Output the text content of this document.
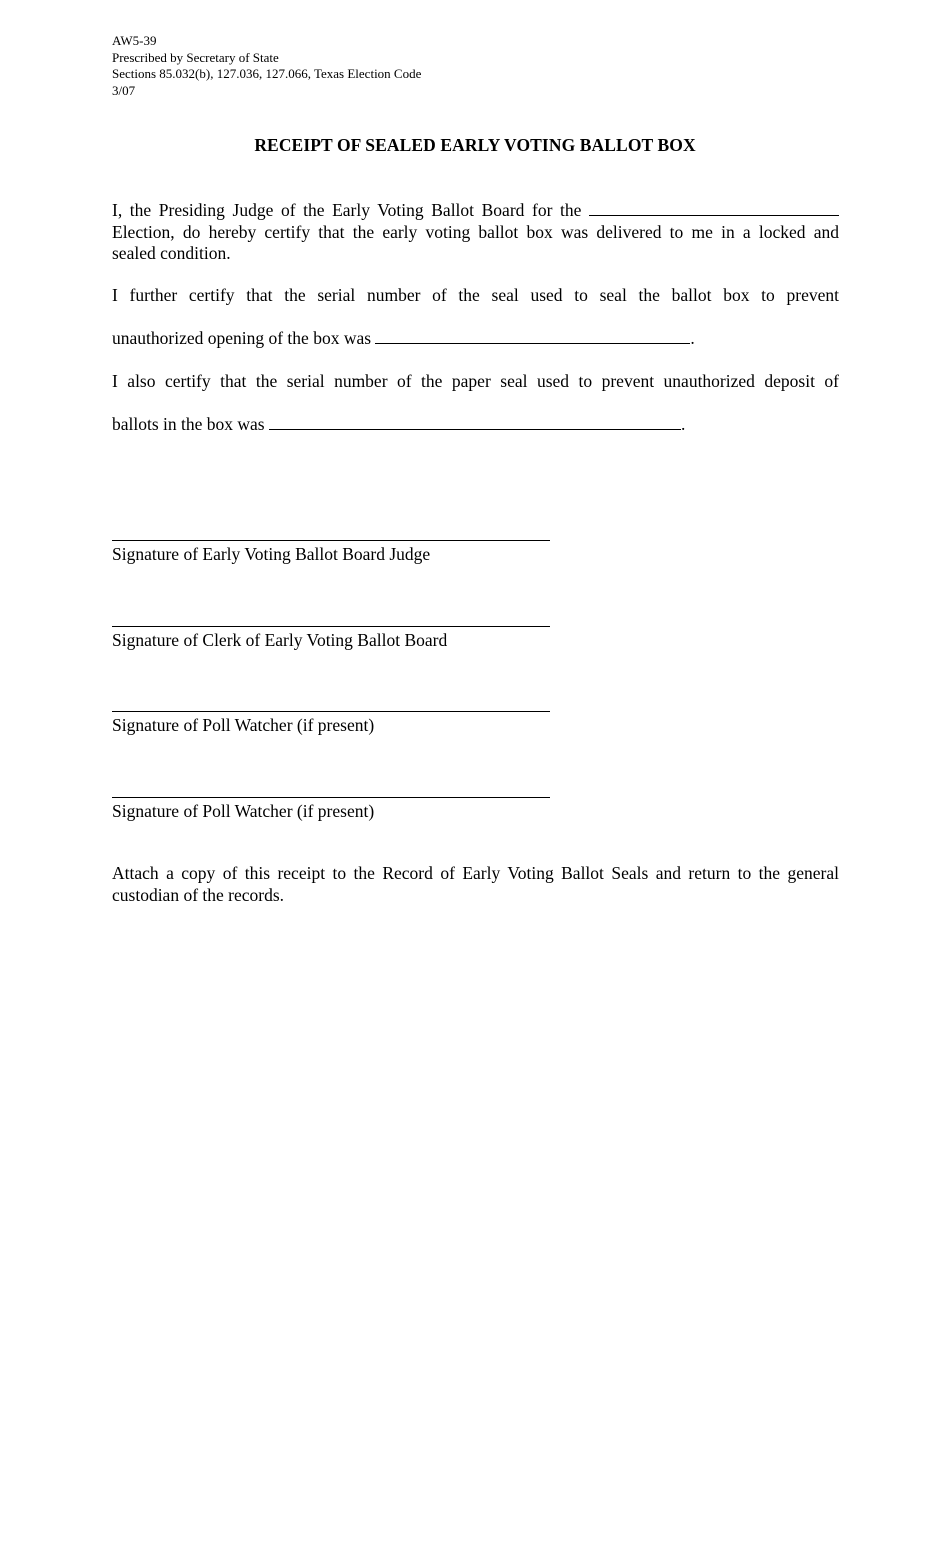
AW5-39
Prescribed by Secretary of State
Sections 85.032(b), 127.036, 127.066, Texas Election Code
3/07
RECEIPT OF SEALED EARLY VOTING BALLOT BOX
I, the Presiding Judge of the Early Voting Ballot Board for the
Election, do hereby certify that the early voting ballot box was delivered to me in a locked and
sealed condition.
I further certify that the serial number of the seal used to seal the ballot box to prevent
unauthorized opening of the box was	.
I also certify that the serial number of the paper seal used to prevent unauthorized deposit of
ballots in the box was	.
Signature of Early Voting Ballot Board Judge
Signature of Clerk of Early Voting Ballot Board
Signature of Poll Watcher (if present)
Signature of Poll Watcher (if present)
Attach a copy of this receipt to the Record of Early Voting Ballot Seals and return to the general custodian of the records.
